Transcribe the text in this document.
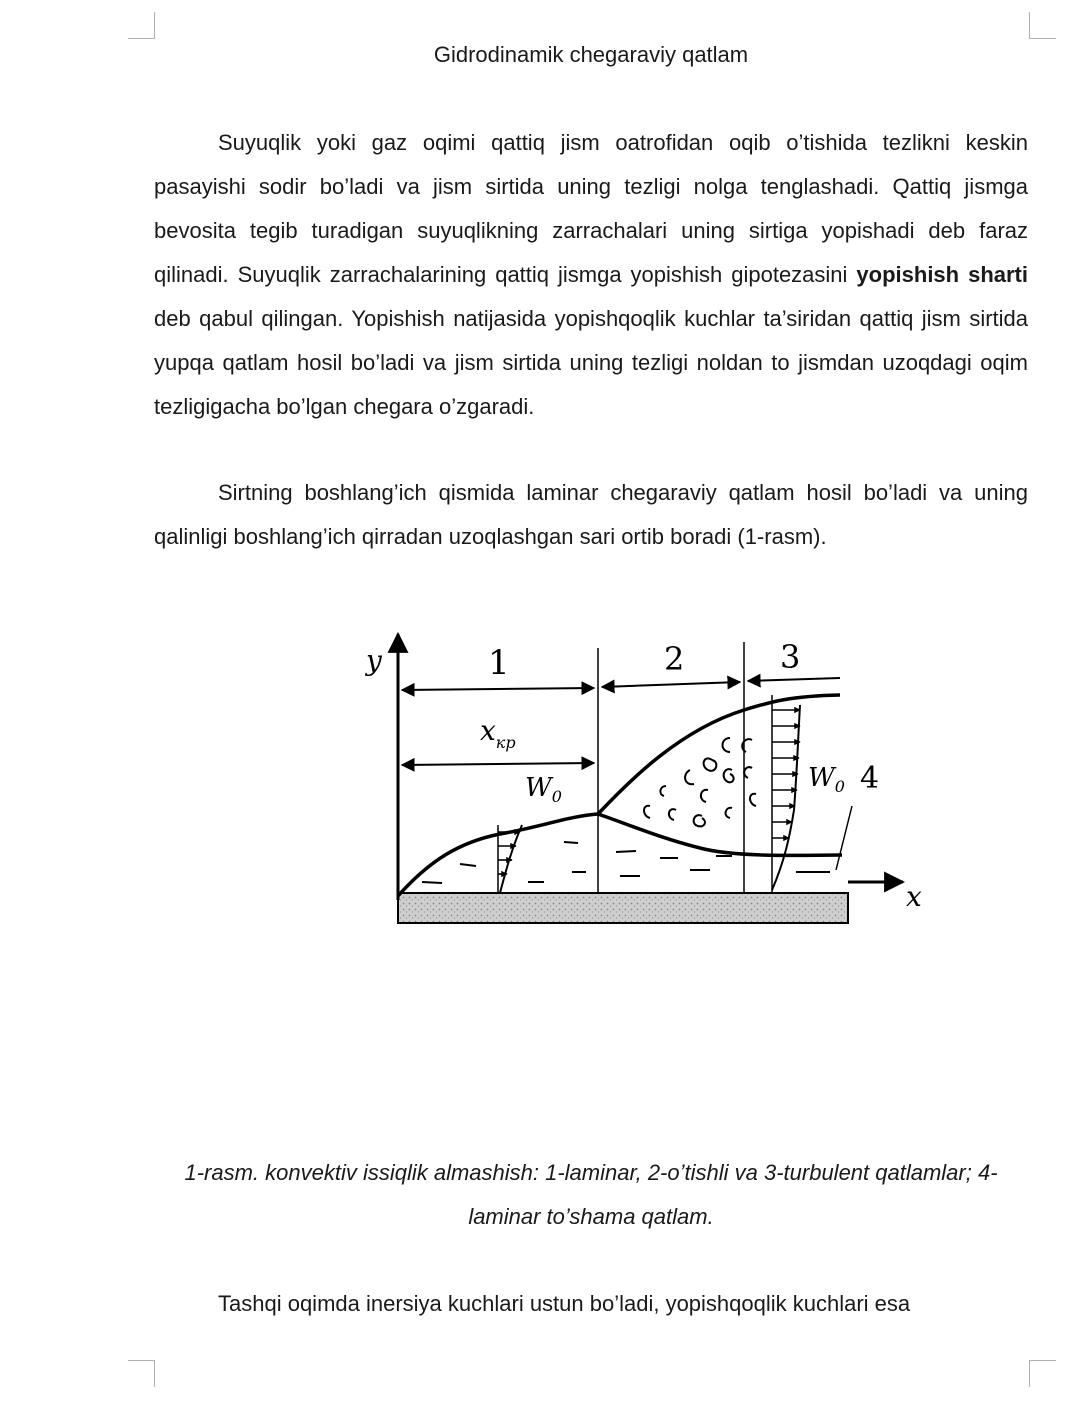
Gidrodinamik chegaraviy qatlam

Suyuqlik yoki gaz oqimi qattiq jism oatrofidan oqib o’tishida tezlikni keskin pasayishi sodir bo’ladi va jism sirtida uning tezligi nolga tenglashadi. Qattiq jismga bevosita tegib turadigan suyuqlikning zarrachalari uning sirtiga yopishadi deb faraz qilinadi. Suyuqlik zarrachalarining qattiq jismga yopishish gipotezasini yopishish sharti deb qabul qilingan. Yopishish natijasida yopishqoqlik kuchlar ta’siridan qattiq jism sirtida yupqa qatlam hosil bo’ladi va jism sirtida uning tezligi noldan to jismdan uzoqdagi oqim tezligigacha bo’lgan chegara o’zgaradi.

Sirtning boshlang’ich qismida laminar chegaraviy qatlam hosil bo’ladi va uning qalinligi boshlang’ich qirradan uzoqlashgan sari ortib boradi (1-rasm).

y
x
1	2	3
$x_{кр}$
4
$W_0$
$W_0$
1-rasm. konvektiv issiqlik almashish: 1-laminar, 2-o’tishli va 3-turbulent qatlamlar; 4-laminar to’shama qatlam.

Tashqi oqimda inersiya kuchlari ustun bo’ladi, yopishqoqlik kuchlari esa
